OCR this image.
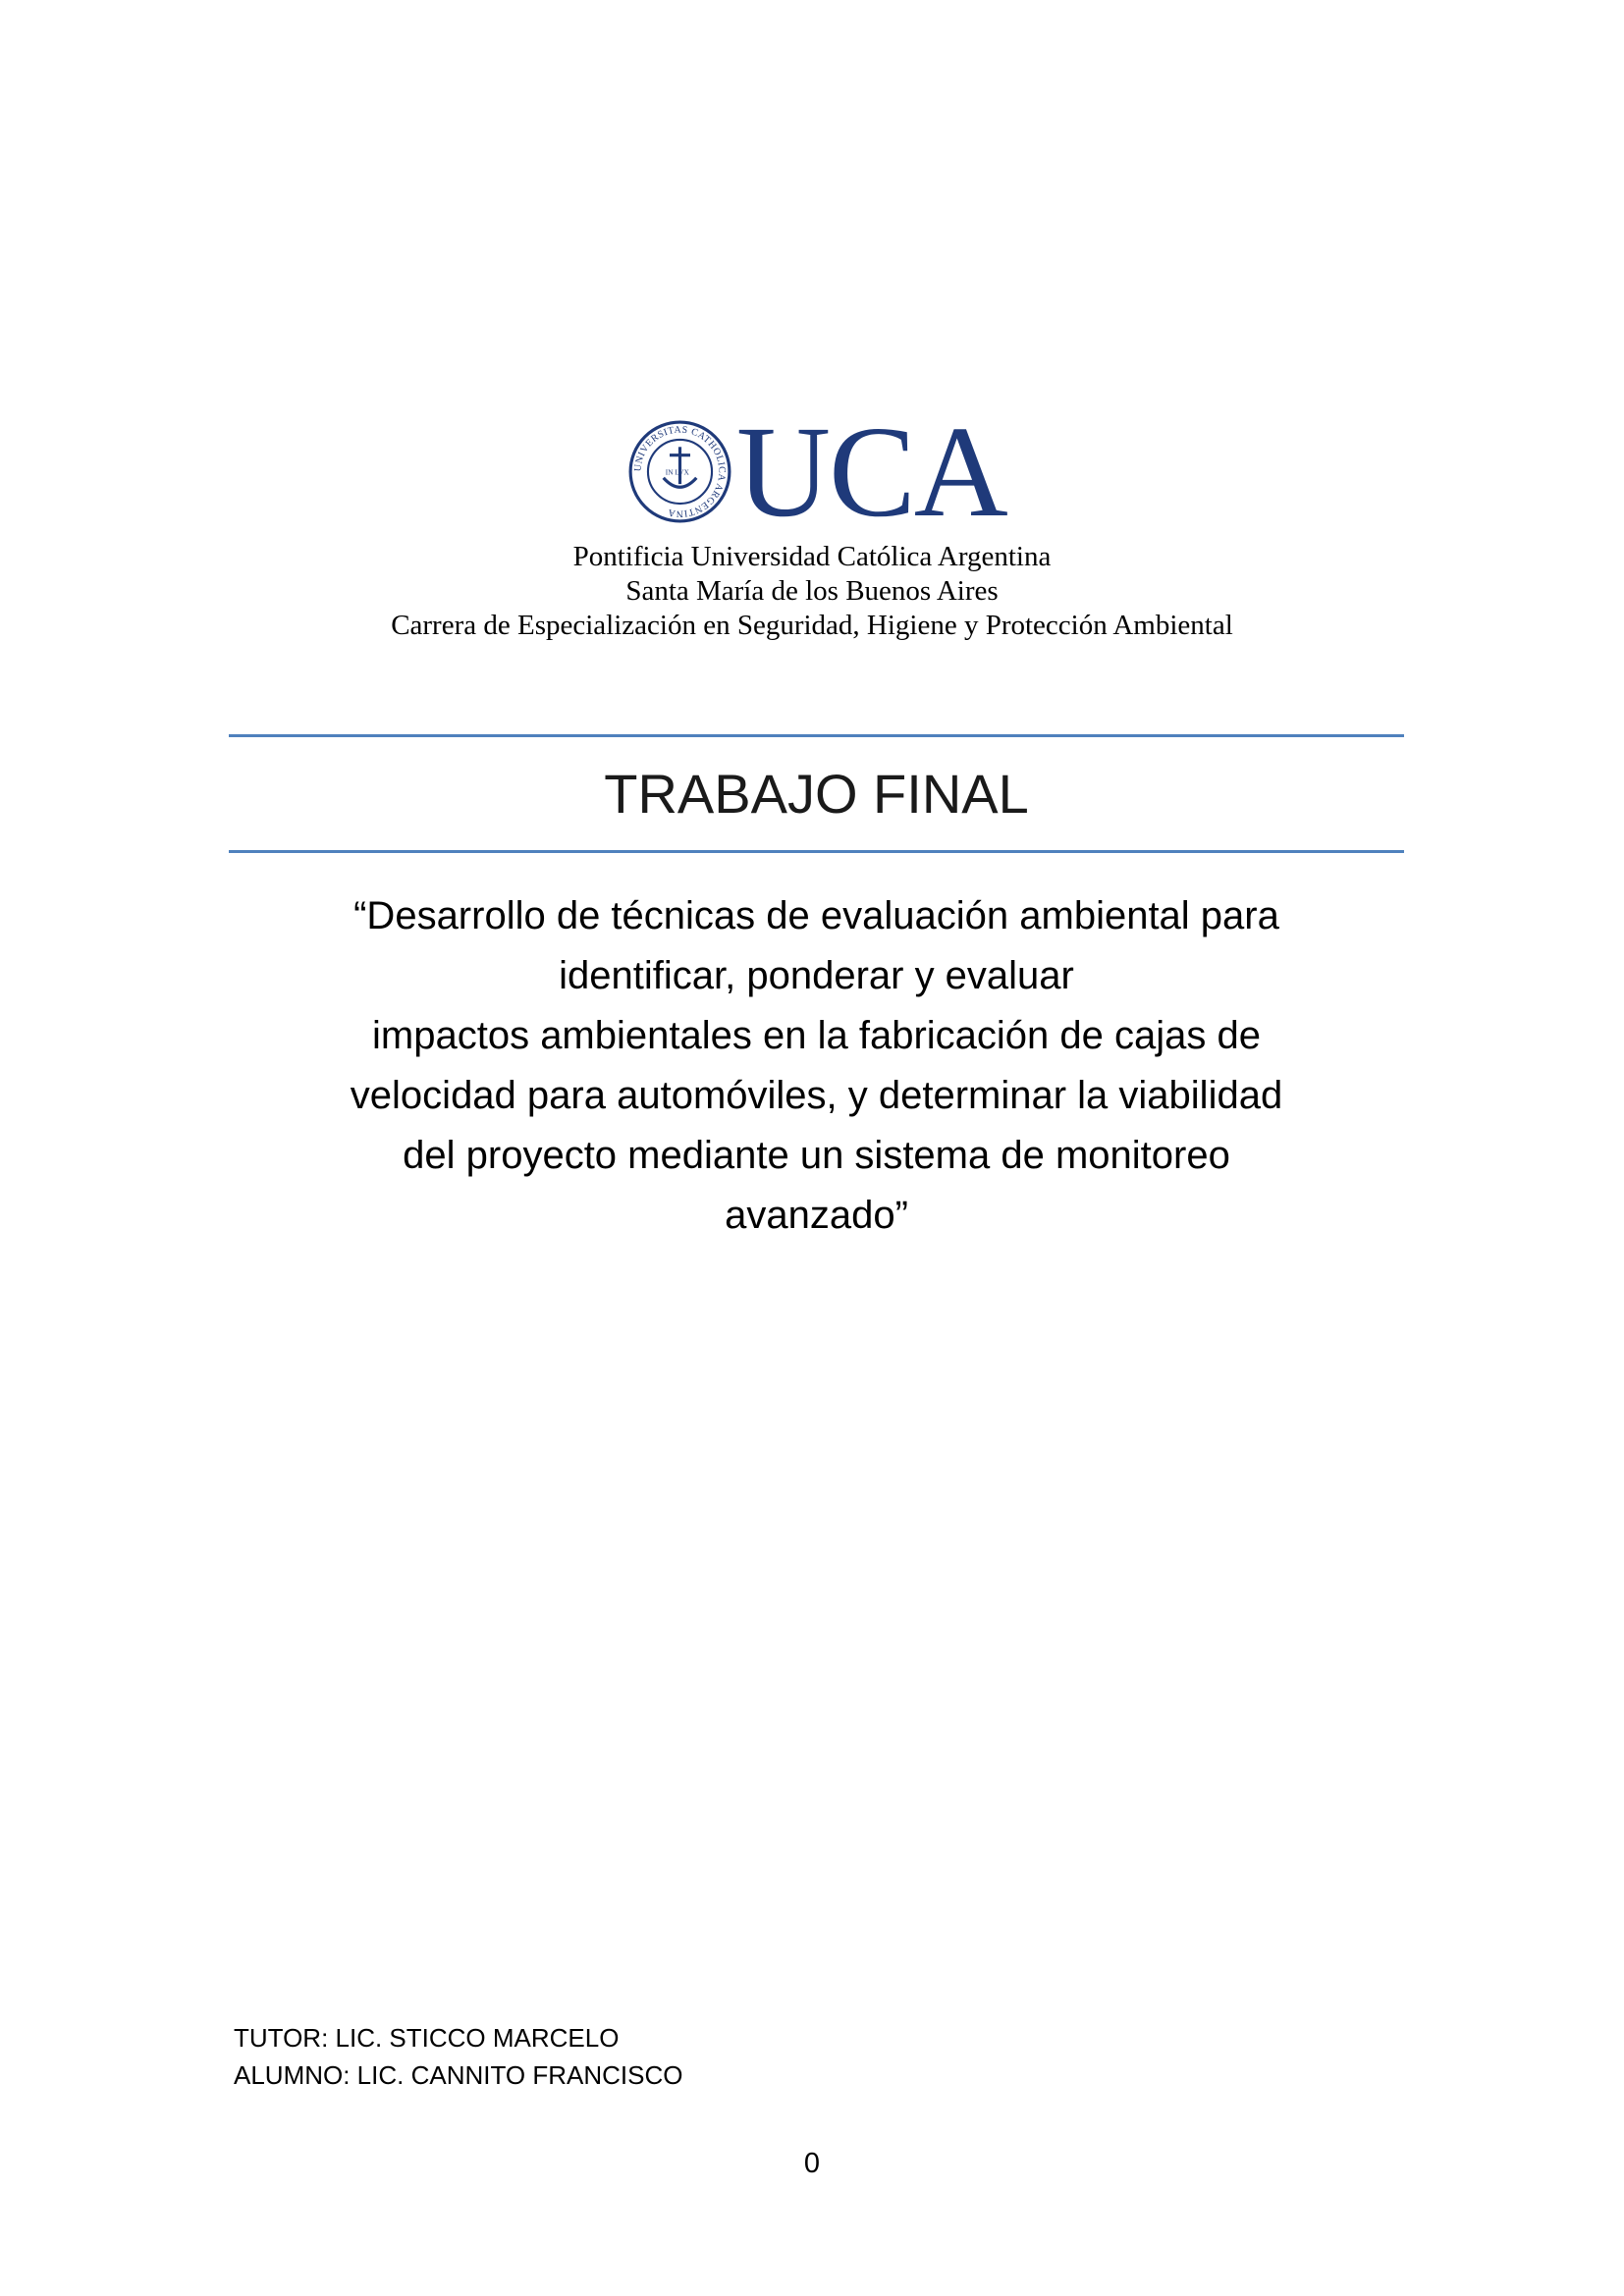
UNIVERSITAS CATHOLICA ARGENTINA
IN LVX UCA
Pontificia Universidad Católica Argentina
Santa María de los Buenos Aires
Carrera de Especialización en Seguridad, Higiene y Protección Ambiental
TRABAJO FINAL
“Desarrollo de técnicas de evaluación ambiental para
identificar, ponderar y evaluar
impactos ambientales en la fabricación de cajas de
velocidad para automóviles, y determinar la viabilidad
del proyecto mediante un sistema de monitoreo
avanzado”
TUTOR: LIC. STICCO MARCELO
ALUMNO: LIC. CANNITO FRANCISCO
0
